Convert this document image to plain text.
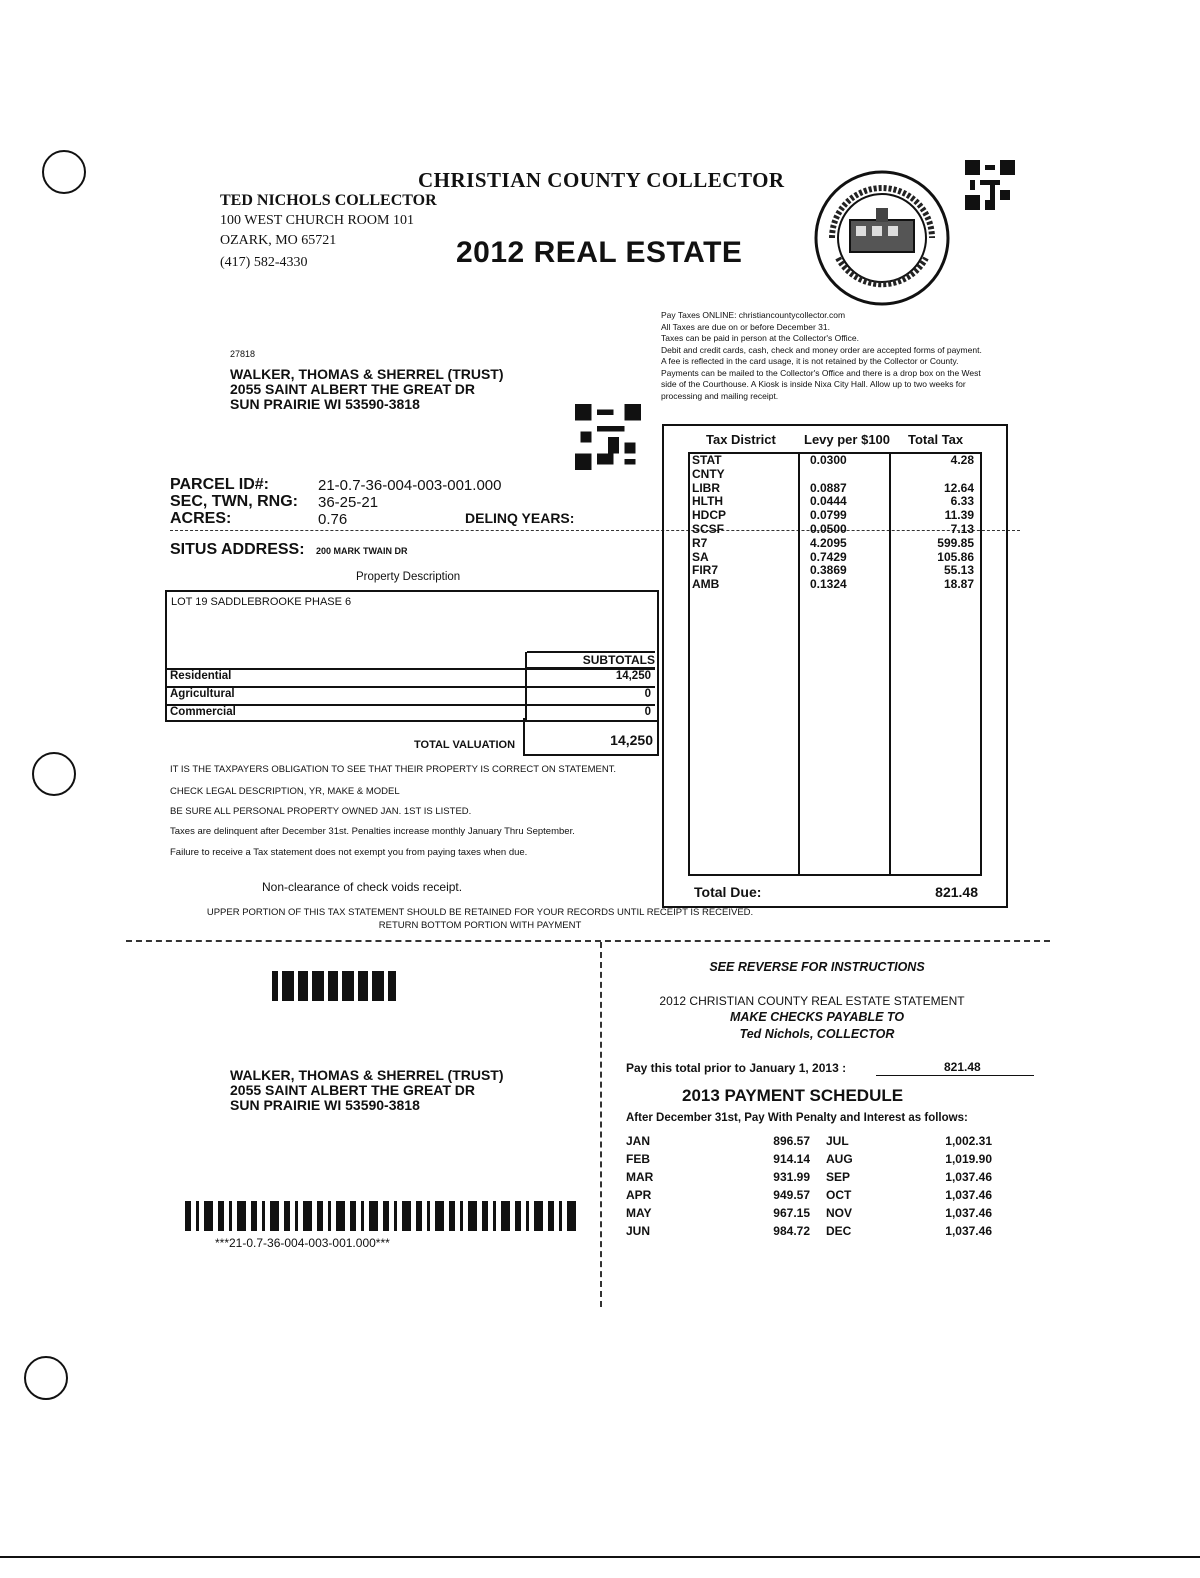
CHRISTIAN COUNTY COLLECTOR
TED NICHOLS COLLECTOR
100 WEST CHURCH ROOM 101
OZARK, MO 65721
(417) 582-4330	2012 REAL ESTATE
Pay Taxes ONLINE: christiancountycollector.com
All Taxes are due on or before December 31.
Taxes can be paid in person at the Collector's Office.
Debit and credit cards, cash, check and money order are accepted forms of payment.
A fee is reflected in the card usage, it is not retained by the Collector or County.
Payments can be mailed to the Collector's Office and there is a drop box on the West
side of the Courthouse. A Kiosk is inside Nixa City Hall. Allow up to two weeks for
processing and mailing receipt.
27818
WALKER, THOMAS & SHERREL (TRUST)
2055 SAINT ALBERT THE GREAT DR
SUN PRAIRIE WI 53590-3818
PARCEL ID#:	21-0.7-36-004-003-001.000
SEC, TWN, RNG: 36-25-21
ACRES:	0.76	DELINQ YEARS:
SITUS ADDRESS: 200 MARK TWAIN DR
Property Description
LOT 19 SADDLEBROOKE PHASE 6
SUBTOTALS
Residential	14,250
Agricultural	0
Commercial	0
TOTAL VALUATION	14,250
IT IS THE TAXPAYERS OBLIGATION TO SEE THAT THEIR PROPERTY IS CORRECT ON STATEMENT.
CHECK LEGAL DESCRIPTION, YR, MAKE & MODEL
BE SURE ALL PERSONAL PROPERTY OWNED JAN. 1ST IS LISTED.
Taxes are delinquent after December 31st. Penalties increase monthly January Thru September.
Failure to receive a Tax statement does not exempt you from paying taxes when due.
Non-clearance of check voids receipt.
UPPER PORTION OF THIS TAX STATEMENT SHOULD BE RETAINED FOR YOUR RECORDS UNTIL RECEIPT IS RECEIVED.
RETURN BOTTOM PORTION WITH PAYMENT
Tax District Levy per $100 Total Tax
STAT	0.0300	4.28
CNTY
LIBR	0.0887	12.64
HLTH	0.0444	6.33
HDCP	0.0799	11.39
SCSF	0.0500	7.13
R7	4.2095	599.85
SA	0.7429	105.86
FIR7	0.3869	55.13
AMB	0.1324	18.87
Total Due:	821.48
WALKER, THOMAS & SHERREL (TRUST)
2055 SAINT ALBERT THE GREAT DR
SUN PRAIRIE WI 53590-3818
***21-0.7-36-004-003-001.000***
SEE REVERSE FOR INSTRUCTIONS
2012 CHRISTIAN COUNTY REAL ESTATE STATEMENT
MAKE CHECKS PAYABLE TO
Ted Nichols, COLLECTOR
Pay this total prior to January 1, 2013 :	821.48
2013 PAYMENT SCHEDULE
After December 31st, Pay With Penalty and Interest as follows:
JAN	896.57 JUL	1,002.31
FEB	914.14 AUG	1,019.90
MAR	931.99 SEP	1,037.46
APR	949.57 OCT	1,037.46
MAY	967.15 NOV	1,037.46
JUN	984.72 DEC	1,037.46
